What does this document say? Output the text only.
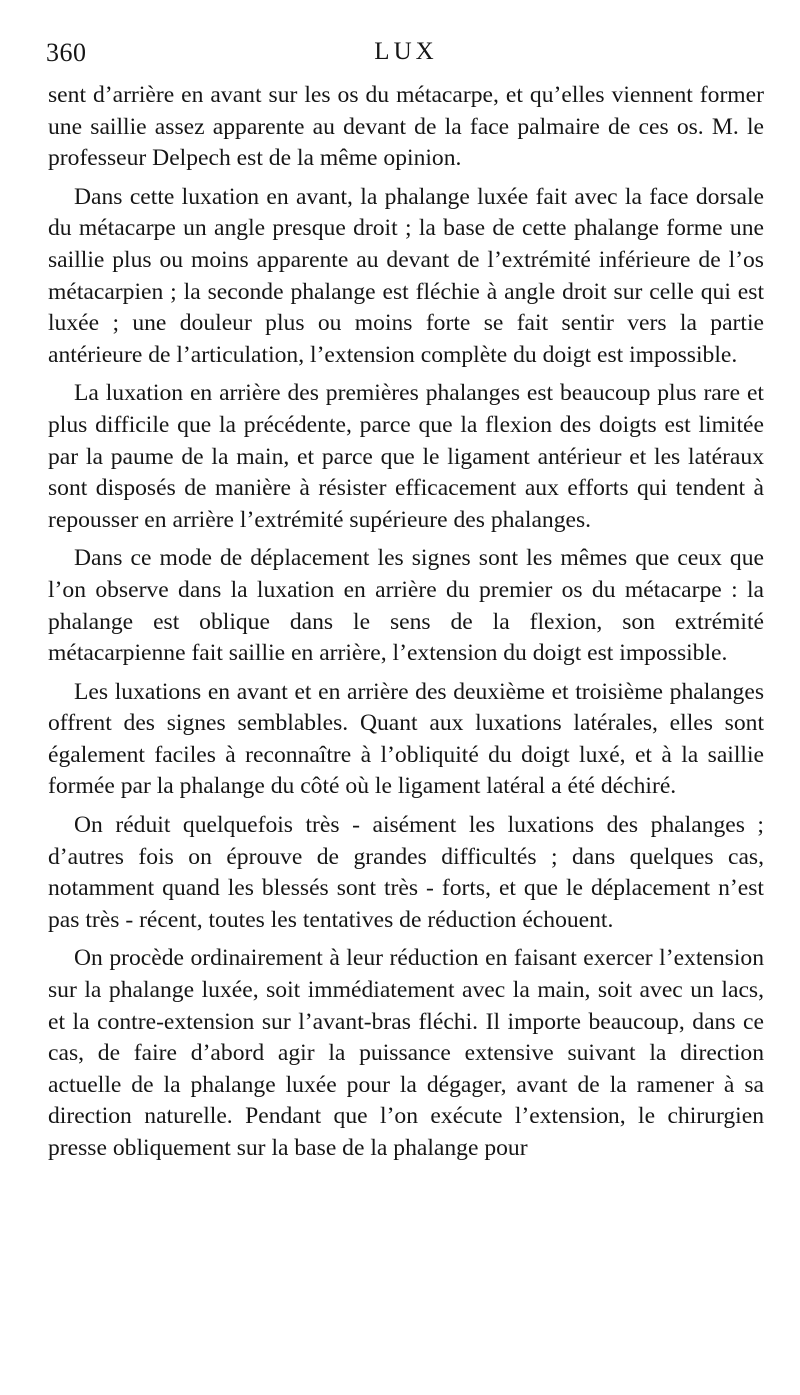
360	LUX

sent d’arrière en avant sur les os du métacarpe, et qu’elles viennent former une saillie assez apparente au devant de la face palmaire de ces os. M. le professeur Delpech est de la même opinion.

Dans cette luxation en avant, la phalange luxée fait avec la face dorsale du métacarpe un angle presque droit ; la base de cette phalange forme une saillie plus ou moins apparente au devant de l’extrémité inférieure de l’os métacarpien ; la seconde phalange est fléchie à angle droit sur celle qui est luxée ; une douleur plus ou moins forte se fait sentir vers la partie antérieure de l’articulation, l’extension complète du doigt est impossible.

La luxation en arrière des premières phalanges est beaucoup plus rare et plus difficile que la précédente, parce que la flexion des doigts est limitée par la paume de la main, et parce que le ligament antérieur et les latéraux sont disposés de manière à résister efficacement aux efforts qui tendent à repousser en arrière l’extrémité supérieure des phalanges.

Dans ce mode de déplacement les signes sont les mêmes que ceux que l’on observe dans la luxation en arrière du premier os du métacarpe : la phalange est oblique dans le sens de la flexion, son extrémité métacarpienne fait saillie en arrière, l’extension du doigt est impossible.

Les luxations en avant et en arrière des deuxième et troisième phalanges offrent des signes semblables. Quant aux luxations latérales, elles sont également faciles à reconnaître à l’obliquité du doigt luxé, et à la saillie formée par la phalange du côté où le ligament latéral a été déchiré.

On réduit quelquefois très - aisément les luxations des phalanges ; d’autres fois on éprouve de grandes difficultés ; dans quelques cas, notamment quand les blessés sont très - forts, et que le déplacement n’est pas très - récent, toutes les tentatives de réduction échouent.

On procède ordinairement à leur réduction en faisant exercer l’extension sur la phalange luxée, soit immédiatement avec la main, soit avec un lacs, et la contre-extension sur l’avant-bras fléchi. Il importe beaucoup, dans ce cas, de faire d’abord agir la puissance extensive suivant la direction actuelle de la phalange luxée pour la dégager, avant de la ramener à sa direction naturelle. Pendant que l’on exécute l’extension, le chirurgien presse obliquement sur la base de la phalange pour
